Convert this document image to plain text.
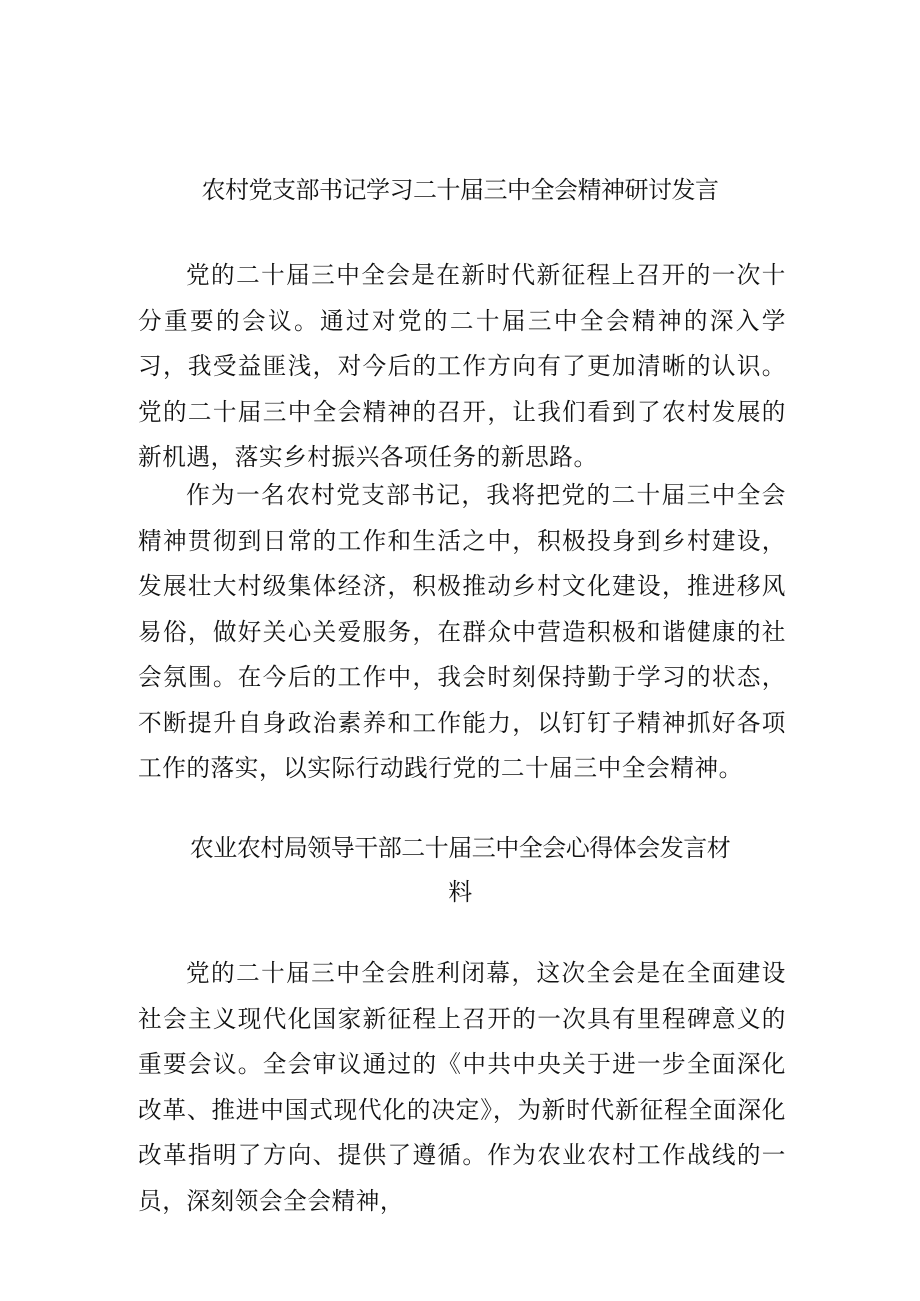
农村党支部书记学习二十届三中全会精神研讨发言

党的二十届三中全会是在新时代新征程上召开的一次十分重要的会议。通过对党的二十届三中全会精神的深入学习，我受益匪浅，对今后的工作方向有了更加清晰的认识。党的二十届三中全会精神的召开，让我们看到了农村发展的新机遇，落实乡村振兴各项任务的新思路。

作为一名农村党支部书记，我将把党的二十届三中全会精神贯彻到日常的工作和生活之中，积极投身到乡村建设，发展壮大村级集体经济，积极推动乡村文化建设，推进移风易俗，做好关心关爱服务，在群众中营造积极和谐健康的社会氛围。在今后的工作中，我会时刻保持勤于学习的状态，不断提升自身政治素养和工作能力，以钉钉子精神抓好各项工作的落实，以实际行动践行党的二十届三中全会精神。

农业农村局领导干部二十届三中全会心得体会发言材
料

党的二十届三中全会胜利闭幕，这次全会是在全面建设社会主义现代化国家新征程上召开的一次具有里程碑意义的重要会议。全会审议通过的《中共中央关于进一步全面深化改革、推进中国式现代化的决定》，为新时代新征程全面深化改革指明了方向、提供了遵循。作为农业农村工作战线的一员，深刻领会全会精神，
